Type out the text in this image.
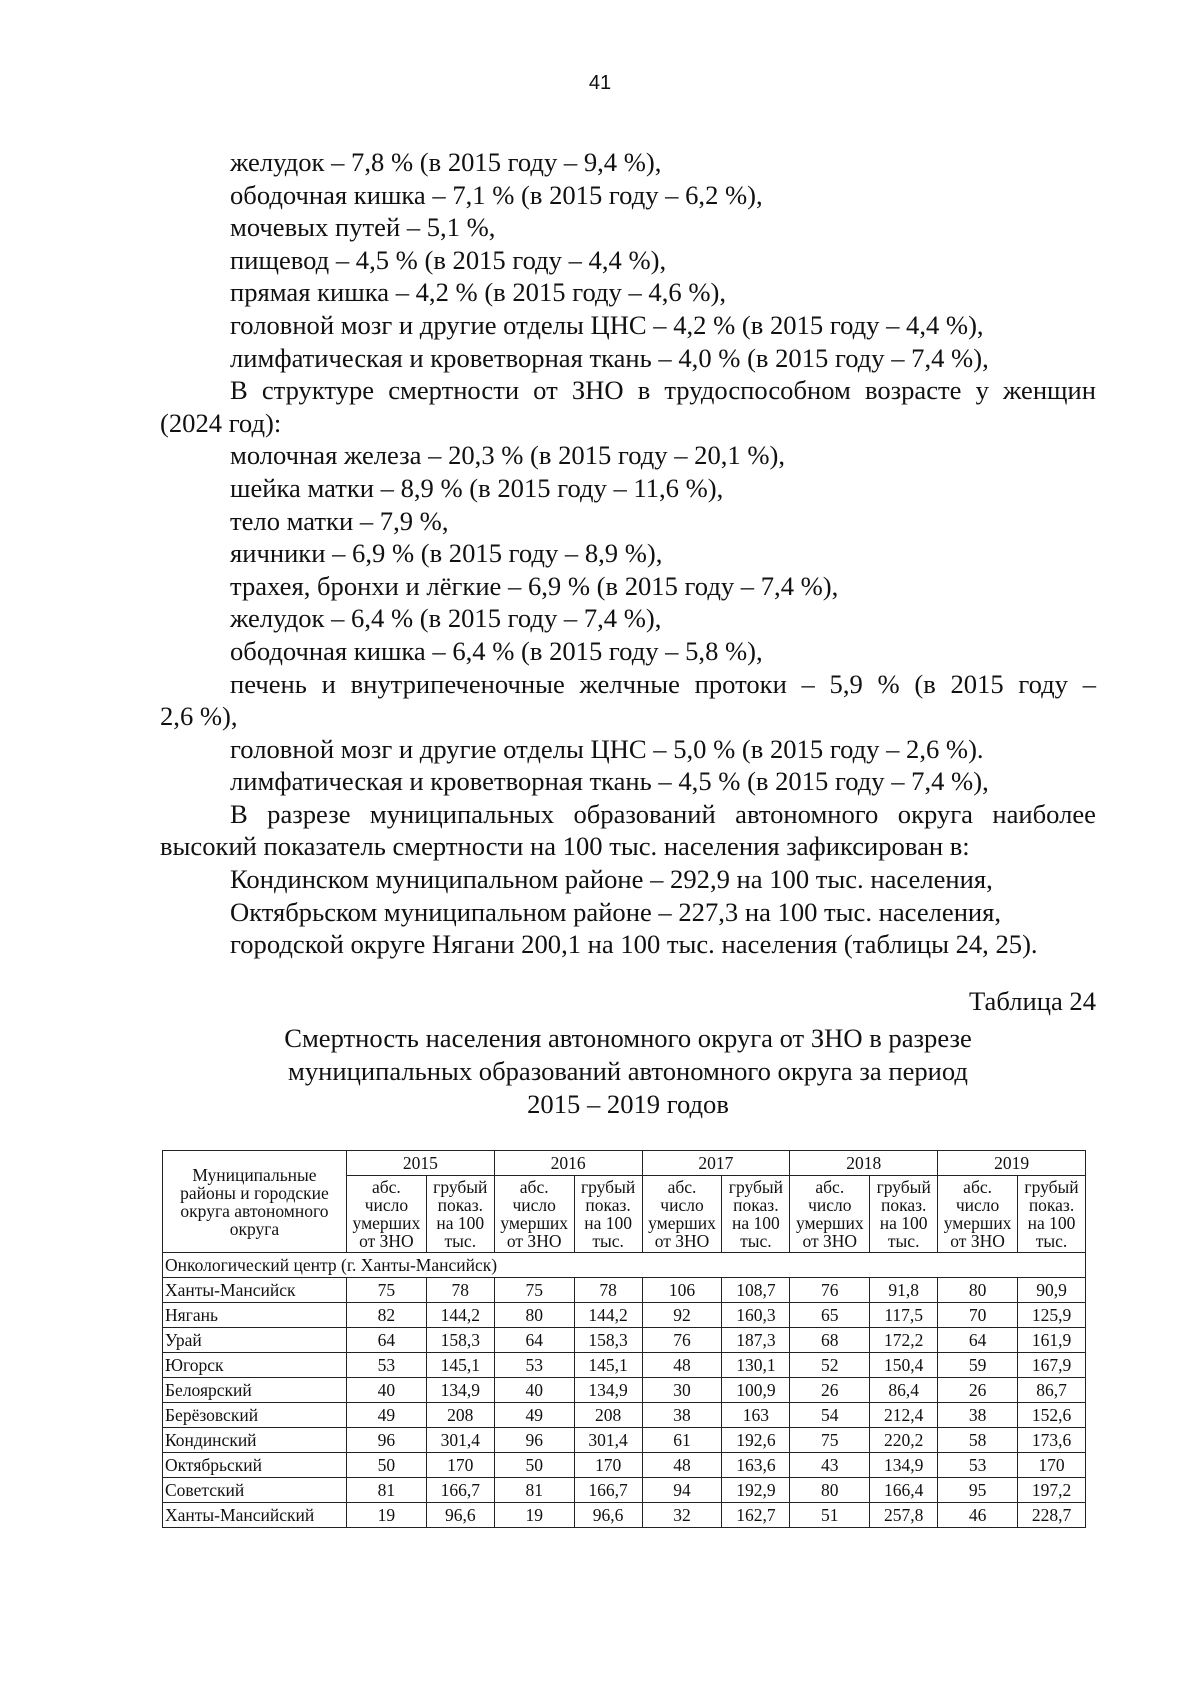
41

желудок – 7,8 % (в 2015 году – 9,4 %),

ободочная кишка – 7,1 % (в 2015 году – 6,2 %),

мочевых путей – 5,1 %,

пищевод – 4,5 % (в 2015 году – 4,4 %),

прямая кишка – 4,2 % (в 2015 году – 4,6 %),

головной мозг и другие отделы ЦНС – 4,2 % (в 2015 году – 4,4 %),

лимфатическая и кроветворная ткань – 4,0 % (в 2015 году – 7,4 %),

В структуре смертности от ЗНО в трудоспособном возрасте у женщин

(2024 год):

молочная железа – 20,3 % (в 2015 году – 20,1 %),

шейка матки – 8,9 % (в 2015 году – 11,6 %),

тело матки – 7,9 %,

яичники – 6,9 % (в 2015 году – 8,9 %),

трахея, бронхи и лёгкие – 6,9 % (в 2015 году – 7,4 %),

желудок – 6,4 % (в 2015 году – 7,4 %),

ободочная кишка – 6,4 % (в 2015 году – 5,8 %),

печень и внутрипеченочные желчные протоки – 5,9 % (в 2015 году –

2,6 %),

головной мозг и другие отделы ЦНС – 5,0 % (в 2015 году – 2,6 %).

лимфатическая и кроветворная ткань – 4,5 % (в 2015 году – 7,4 %),

В разрезе муниципальных образований автономного округа наиболее

высокий показатель смертности на 100 тыс. населения зафиксирован в:

Кондинском муниципальном районе – 292,9 на 100 тыс. населения,

Октябрьском муниципальном районе – 227,3 на 100 тыс. населения,

городской округе Нягани 200,1 на 100 тыс. населения (таблицы 24, 25).

Таблица 24
Смертность населения автономного округа от ЗНО в разрезе
муниципальных образований автономного округа за период
2015 – 2019 годов
Муниципальные районы и городские округа автономного округа	2015		2016		2017		2018		2019	
	абс. число умерших от ЗНО	грубый показ. на 100 тыс.	абс. число умерших от ЗНО	грубый показ. на 100 тыс.	абс. число умерших от ЗНО	грубый показ. на 100 тыс.	абс. число умерших от ЗНО	грубый показ. на 100 тыс.	абс. число умерших от ЗНО	грубый показ. на 100 тыс.
Онкологический центр (г. Ханты-Мансийск)										
Ханты-Мансийск	75	78	75	78	106	108,7	76	91,8	80	90,9
Нягань	82	144,2	80	144,2	92	160,3	65	117,5	70	125,9
Урай	64	158,3	64	158,3	76	187,3	68	172,2	64	161,9
Югорск	53	145,1	53	145,1	48	130,1	52	150,4	59	167,9
Белоярский	40	134,9	40	134,9	30	100,9	26	86,4	26	86,7
Берёзовский	49	208	49	208	38	163	54	212,4	38	152,6
Кондинский	96	301,4	96	301,4	61	192,6	75	220,2	58	173,6
Октябрьский	50	170	50	170	48	163,6	43	134,9	53	170
Советский	81	166,7	81	166,7	94	192,9	80	166,4	95	197,2
Ханты-Мансийский	19	96,6	19	96,6	32	162,7	51	257,8	46	228,7
